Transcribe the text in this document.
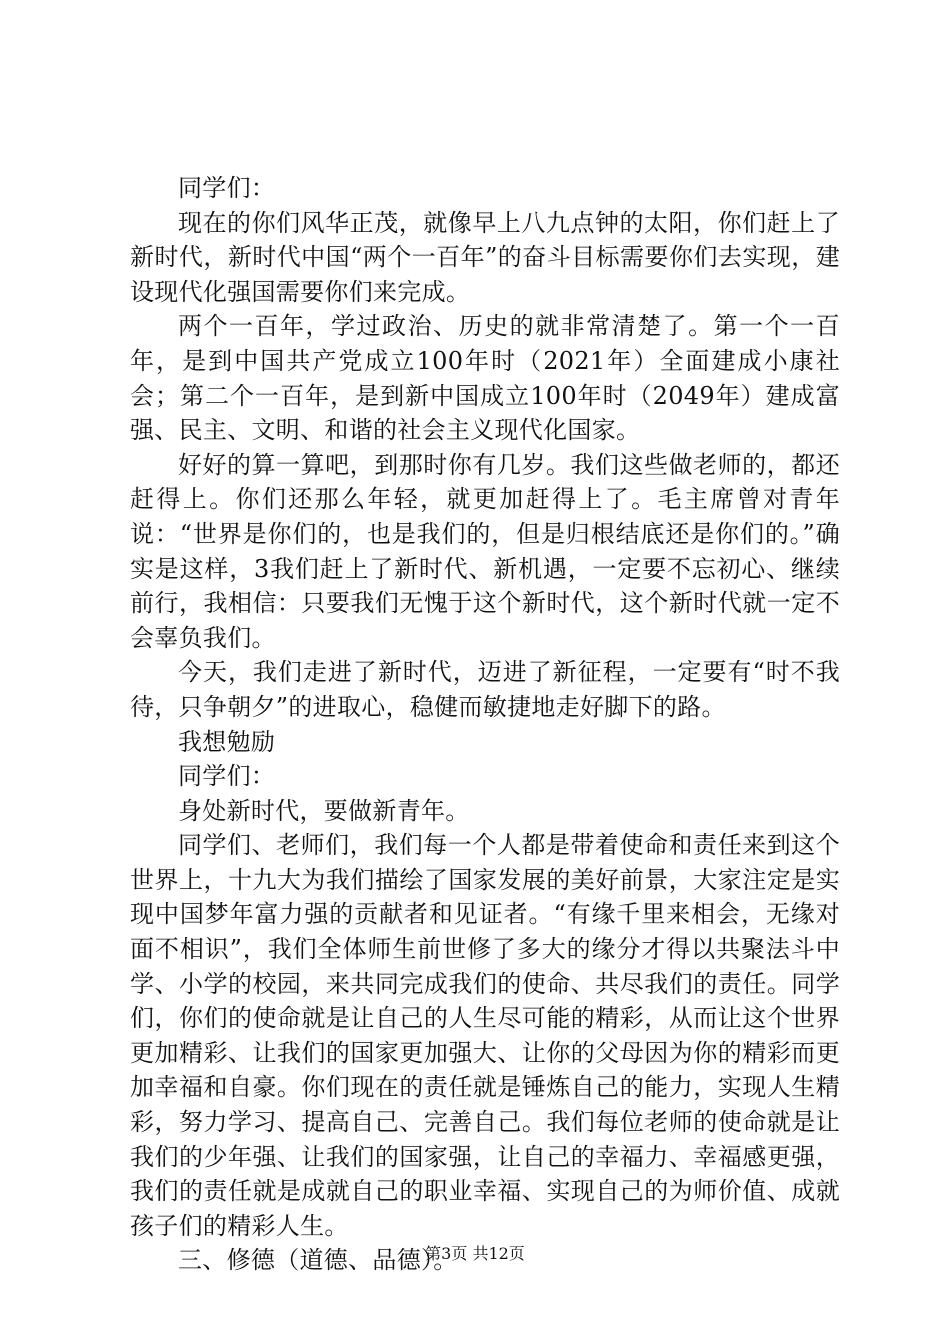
同学们：

现在的你们风华正茂，就像早上八九点钟的太阳，你们赶上了新时代，新时代中国“两个一百年”的奋斗目标需要你们去实现，建设现代化强国需要你们来完成。

两个一百年，学过政治、历史的就非常清楚了。第一个一百年，是到中国共产党成立100年时（2021年）全面建成小康社会；第二个一百年，是到新中国成立100年时（2049年）建成富强、民主、文明、和谐的社会主义现代化国家。

好好的算一算吧，到那时你有几岁。我们这些做老师的，都还赶得上。你们还那么年轻，就更加赶得上了。毛主席曾对青年说：“世界是你们的，也是我们的，但是归根结底还是你们的。”确实是这样，3我们赶上了新时代、新机遇，一定要不忘初心、继续前行，我相信：只要我们无愧于这个新时代，这个新时代就一定不会辜负我们。

今天，我们走进了新时代，迈进了新征程，一定要有“时不我待，只争朝夕”的进取心，稳健而敏捷地走好脚下的路。

我想勉励

同学们：

身处新时代，要做新青年。

同学们、老师们，我们每一个人都是带着使命和责任来到这个世界上，十九大为我们描绘了国家发展的美好前景，大家注定是实现中国梦年富力强的贡献者和见证者。“有缘千里来相会，无缘对面不相识”，我们全体师生前世修了多大的缘分才得以共聚法斗中学、小学的校园，来共同完成我们的使命、共尽我们的责任。同学们，你们的使命就是让自己的人生尽可能的精彩，从而让这个世界更加精彩、让我们的国家更加强大、让你的父母因为你的精彩而更加幸福和自豪。你们现在的责任就是锤炼自己的能力，实现人生精彩，努力学习、提高自己、完善自己。我们每位老师的使命就是让我们的少年强、让我们的国家强，让自己的幸福力、幸福感更强，我们的责任就是成就自己的职业幸福、实现自己的为师价值、成就孩子们的精彩人生。

三、修德（道德、品德）。

第3页 共12页
